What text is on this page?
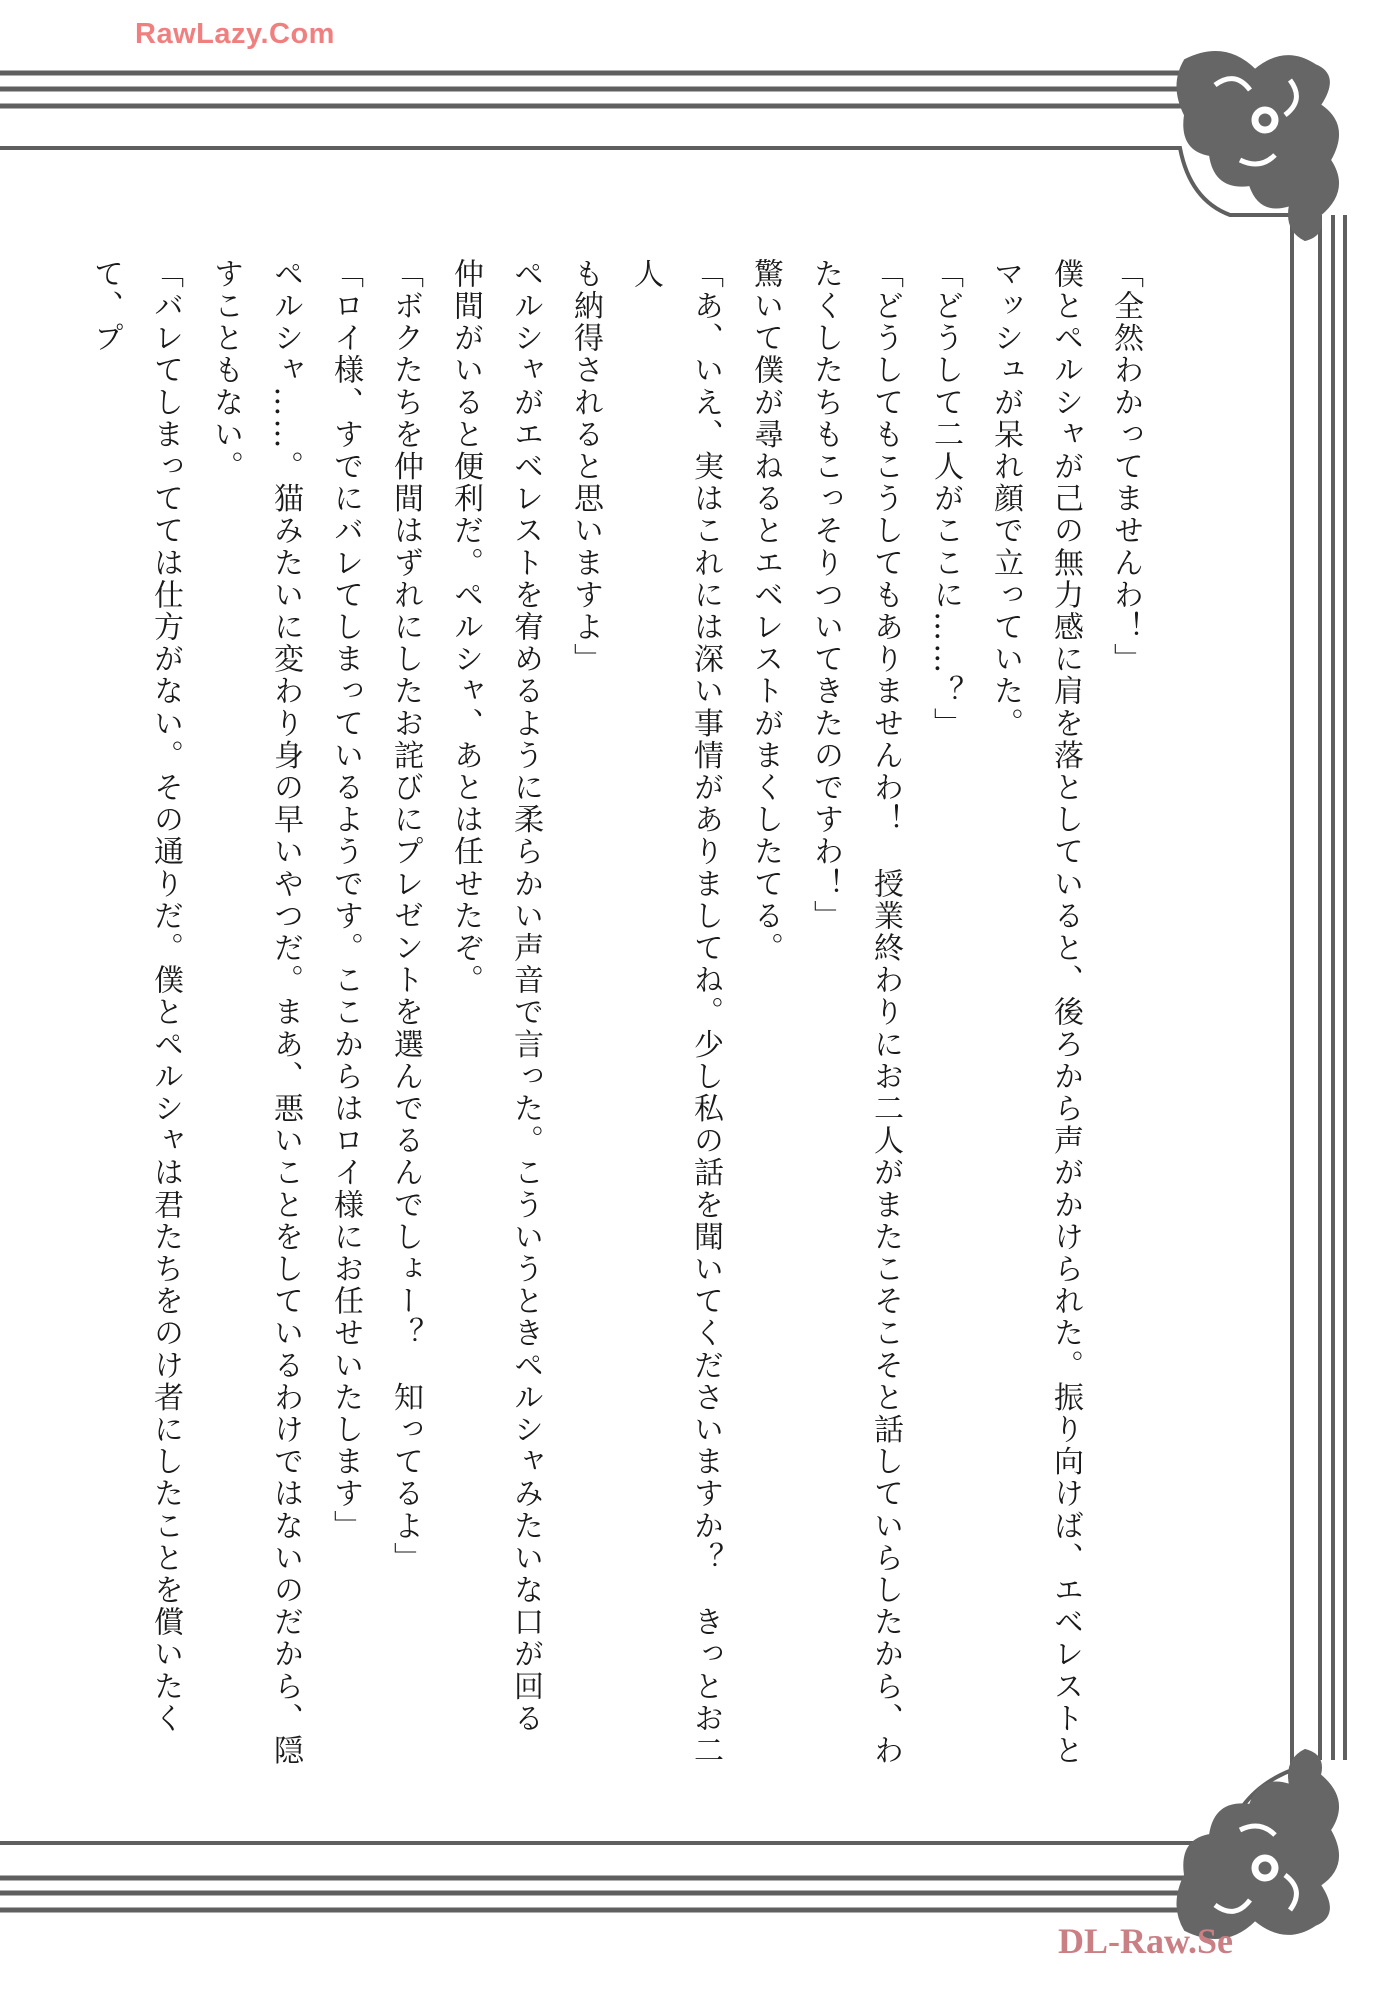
RawLazy.Com

「全然わかってませんわ！」

僕とペルシャが己の無力感に肩を落としていると、後ろから声がかけられた。振り向けば、エベレストと

マッシュが呆れ顔で立っていた。

「どうして二人がここに……？」

「どうしてもこうしてもありませんわ！　授業終わりにお二人がまたこそこそと話していらしたから、わ

たくしたちもこっそりついてきたのですわ！」

驚いて僕が尋ねるとエベレストがまくしたてる。

「あ、いえ、実はこれには深い事情がありましてね。少し私の話を聞いてくださいますか？　きっとお二人

も納得されると思いますよ」

ペルシャがエベレストを宥めるように柔らかい声音で言った。こういうときペルシャみたいな口が回る

仲間がいると便利だ。ペルシャ、あとは任せたぞ。

「ボクたちを仲間はずれにしたお詫びにプレゼントを選んでるんでしょー？　知ってるよ」

「ロイ様、すでにバレてしまっているようです。ここからはロイ様にお任せいたします」

ペルシャ……。猫みたいに変わり身の早いやつだ。まあ、悪いことをしているわけではないのだから、隠

すこともない。

「バレてしまってては仕方がない。その通りだ。僕とペルシャは君たちをのけ者にしたことを償いたくて、プ

DL-Raw.Se
